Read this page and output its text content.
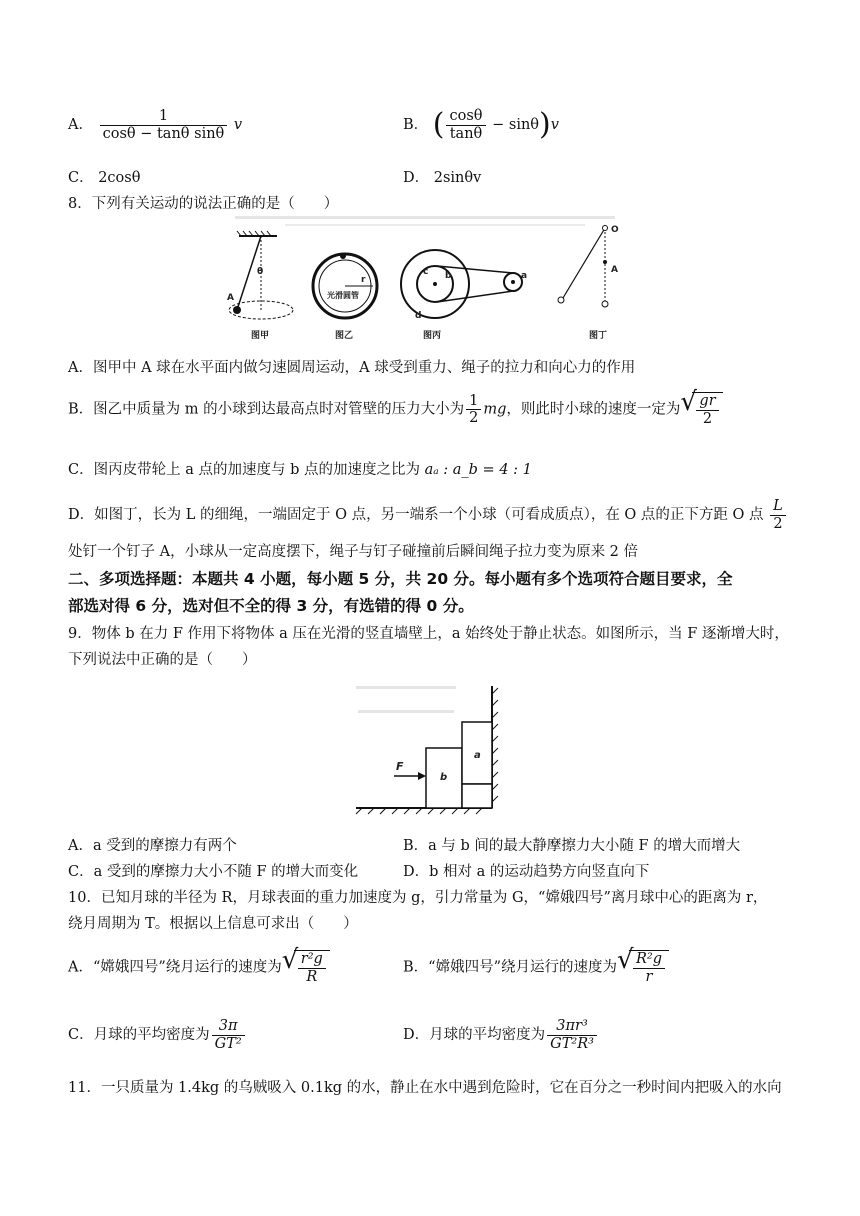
A． $\frac{1}{\text{cosθ − tanθ sinθ}}$ v	B． ( $\frac{\cos\theta}{\tan\theta} - \sin\theta)v$
C． 2cosθ	D． 2sinθv
8．下列有关运动的说法正确的是（　　）
A
θ
图甲
r
光滑圆管
图乙
c b	a
d
图丙
O
A
图丁
A．图甲中 A 球在水平面内做匀速圆周运动，A 球受到重力、绳子的拉力和向心力的作用
B．图乙中质量为 m 的小球到达最高点时对管壁的压力大小为 $\frac{1}{2}$ mg，则此时小球的速度一定为 √ $\frac{gr}{2}$
C．图丙皮带轮上 a 点的加速度与 b 点的加速度之比为 aₐ : a_b = 4 : 1
D．如图丁，长为 L 的细绳，一端固定于 O 点，另一端系一个小球（可看成质点），在 O 点的正下方距 O 点 $\frac{L}{2}$
处钉一个钉子 A，小球从一定高度摆下，绳子与钉子碰撞前后瞬间绳子拉力变为原来 2 倍
二、多项选择题：本题共 4 小题，每小题 5 分，共 20 分。每小题有多个选项符合题目要求，全
部选对得 6 分，选对但不全的得 3 分，有选错的得 0 分。
9．物体 b 在力 F 作用下将物体 a 压在光滑的竖直墙壁上，a 始终处于静止状态。如图所示，当 F 逐渐增大时，
下列说法中正确的是（　　）
F
b
a
A．a 受到的摩擦力有两个	B．a 与 b 间的最大静摩擦力大小随 F 的增大而增大
C．a 受到的摩擦力大小不随 F 的增大而变化	D．b 相对 a 的运动趋势方向竖直向下
10．已知月球的半径为 R，月球表面的重力加速度为 g，引力常量为 G，“嫦娥四号”离月球中心的距离为 r，
绕月周期为 T。根据以上信息可求出（　　）
A．“嫦娥四号”绕月运行的速度为 √ $\frac{\text{r²g}}{R}$	B．“嫦娥四号”绕月运行的速度为 √ $\frac{\text{R²g}}{r}$
C．月球的平均密度为 $\frac{3\pi}{\text{GT²}}$	D．月球的平均密度为 $\frac{\text{3πr³}}{\text{GT²R³}}$
11．一只质量为 1.4kg 的乌贼吸入 0.1kg 的水，静止在水中遇到危险时，它在百分之一秒时间内把吸入的水向
